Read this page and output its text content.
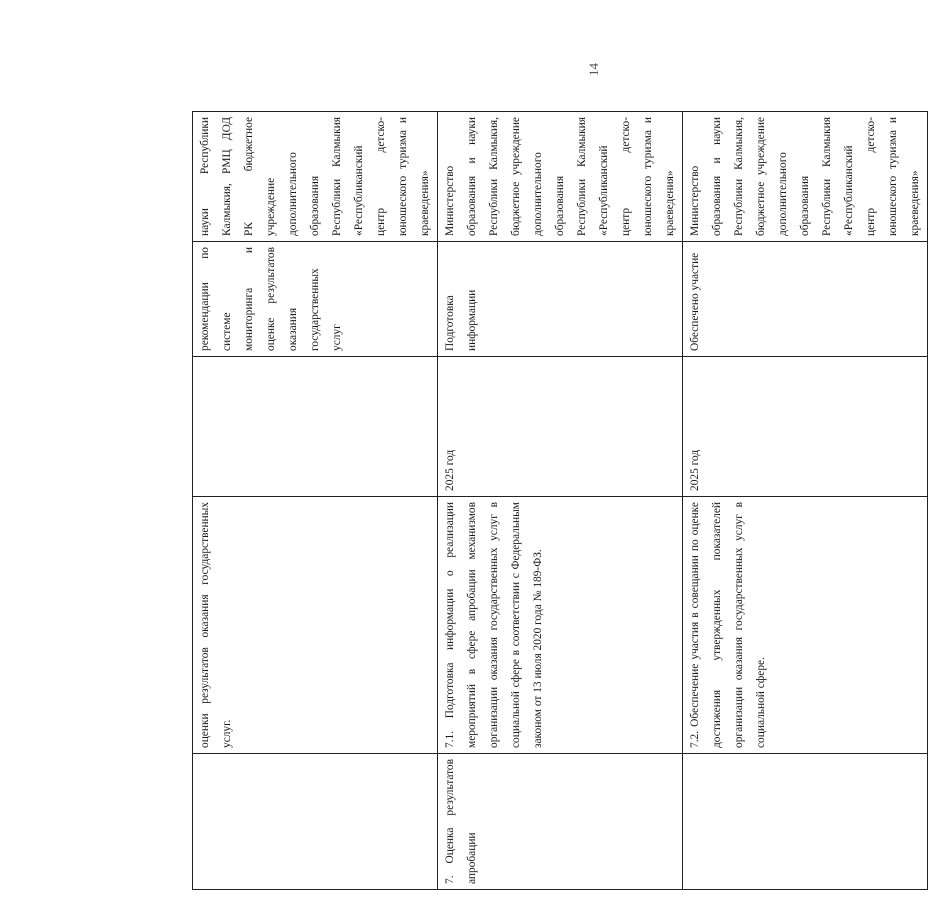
14

	оценки результатов оказания государственных услуг.		рекомендации по системе мониторинга и оценке результатов оказания государственных услуг	науки Республики Калмыкия, РМЦ ДОД РК бюджетное учреждение дополнительного образования Республики Калмыкия «Республиканский центр детско-юношеского туризма и краеведения»

7. Оценка результатов апробации	7.1. Подготовка информации о реализации мероприятий в сфере апробации механизмов организации оказания государственных услуг в социальной сфере в соответствии с Федеральным законом от 13 июля 2020 года № 189-ФЗ.	2025 год	Подготовка информации	Министерство образования и науки Республики Калмыкия, бюджетное учреждение дополнительного образования Республики Калмыкия «Республиканский центр детско-юношеского туризма и краеведения»

	7.2. Обеспечение участия в совещании по оценке достижения утвержденных показателей организации оказания государственных услуг в социальной сфере.	2025 год	Обеспечено участие	Министерство образования и науки Республики Калмыкия, бюджетное учреждение дополнительного образования Республики Калмыкия «Республиканский центр детско-юношеского туризма и краеведения»
